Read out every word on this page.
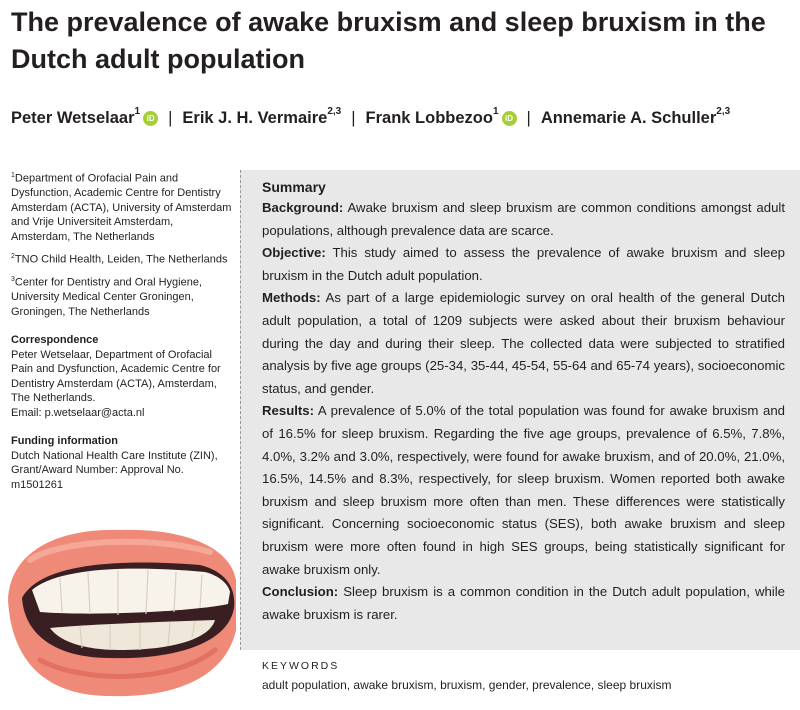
The prevalence of awake bruxism and sleep bruxism in the Dutch adult population
Peter Wetselaar$^1$iD | Erik J. H. Vermaire$^{2,3}$ | Frank Lobbezoo$^1$iD | Annemarie A. Schuller$^{2,3}$

$^1$Department of Orofacial Pain and Dysfunction, Academic Centre for Dentistry Amsterdam (ACTA), University of Amsterdam and Vrije Universiteit Amsterdam, Amsterdam, The Netherlands

$^2$TNO Child Health, Leiden, The Netherlands

$^3$Center for Dentistry and Oral Hygiene, University Medical Center Groningen, Groningen, The Netherlands

Correspondence

Peter Wetselaar, Department of Orofacial Pain and Dysfunction, Academic Centre for Dentistry Amsterdam (ACTA), Amsterdam, The Netherlands.

Email: p.wetselaar@acta.nl

Funding information

Dutch National Health Care Institute (ZIN), Grant/Award Number: Approval No. m1501261

Summary

Background: Awake bruxism and sleep bruxism are common conditions amongst adult populations, although prevalence data are scarce.

Objective: This study aimed to assess the prevalence of awake bruxism and sleep bruxism in the Dutch adult population.

Methods: As part of a large epidemiologic survey on oral health of the general Dutch adult population, a total of 1209 subjects were asked about their bruxism behaviour during the day and during their sleep. The collected data were subjected to stratified analysis by five age groups (25-34, 35-44, 45-54, 55-64 and 65-74 years), socioeconomic status, and gender.

Results: A prevalence of 5.0% of the total population was found for awake bruxism and of 16.5% for sleep bruxism. Regarding the five age groups, prevalence of 6.5%, 7.8%, 4.0%, 3.2% and 3.0%, respectively, were found for awake bruxism, and of 20.0%, 21.0%, 16.5%, 14.5% and 8.3%, respectively, for sleep bruxism. Women reported both awake bruxism and sleep bruxism more often than men. These differences were statistically significant. Concerning socioeconomic status (SES), both awake bruxism and sleep bruxism were more often found in high SES groups, being statistically significant for awake bruxism only.

Conclusion: Sleep bruxism is a common condition in the Dutch adult population, while awake bruxism is rarer.

KEYWORDS
adult population, awake bruxism, bruxism, gender, prevalence, sleep bruxism
